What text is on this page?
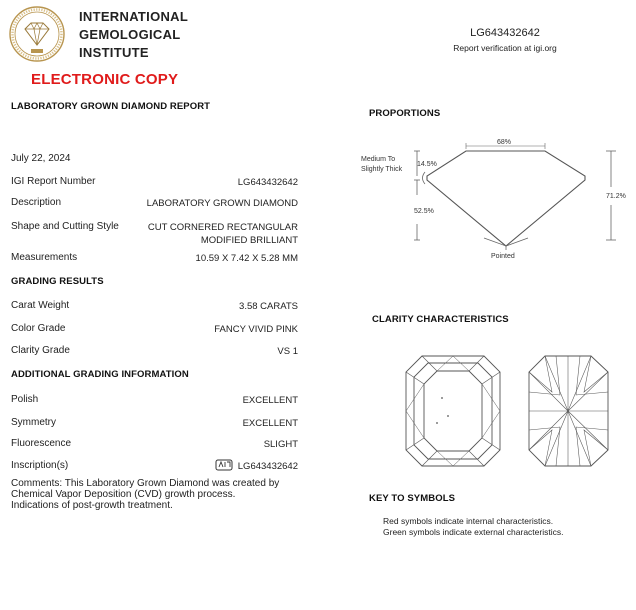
INTERNATIONAL
GEMOLOGICAL
INSTITUTE
ELECTRONIC COPY
LG643432642
Report verification at igi.org
LABORATORY GROWN DIAMOND REPORT
July 22, 2024
IGI Report Number	LG643432642
Description	LABORATORY GROWN DIAMOND
Shape and Cutting Style	CUT CORNERED RECTANGULAR
MODIFIED BRILLIANT
Measurements	10.59 X 7.42 X 5.28 MM
GRADING RESULTS
Carat Weight	3.58 CARATS
Color Grade	FANCY VIVID PINK
Clarity Grade	VS 1
ADDITIONAL GRADING INFORMATION
Polish	EXCELLENT
Symmetry	EXCELLENT
Fluorescence	SLIGHT
Inscription(s)	LG643432642

Comments: This Laboratory Grown Diamond was created by Chemical Vapor Deposition (CVD) growth process.

Indications of post-growth treatment.

PROPORTIONS
68%
Medium To
Slightly Thick
14.5%
52.5%
71.2%
Pointed
CLARITY CHARACTERISTICS
KEY TO SYMBOLS
Red symbols indicate internal characteristics.
Green symbols indicate external characteristics.
